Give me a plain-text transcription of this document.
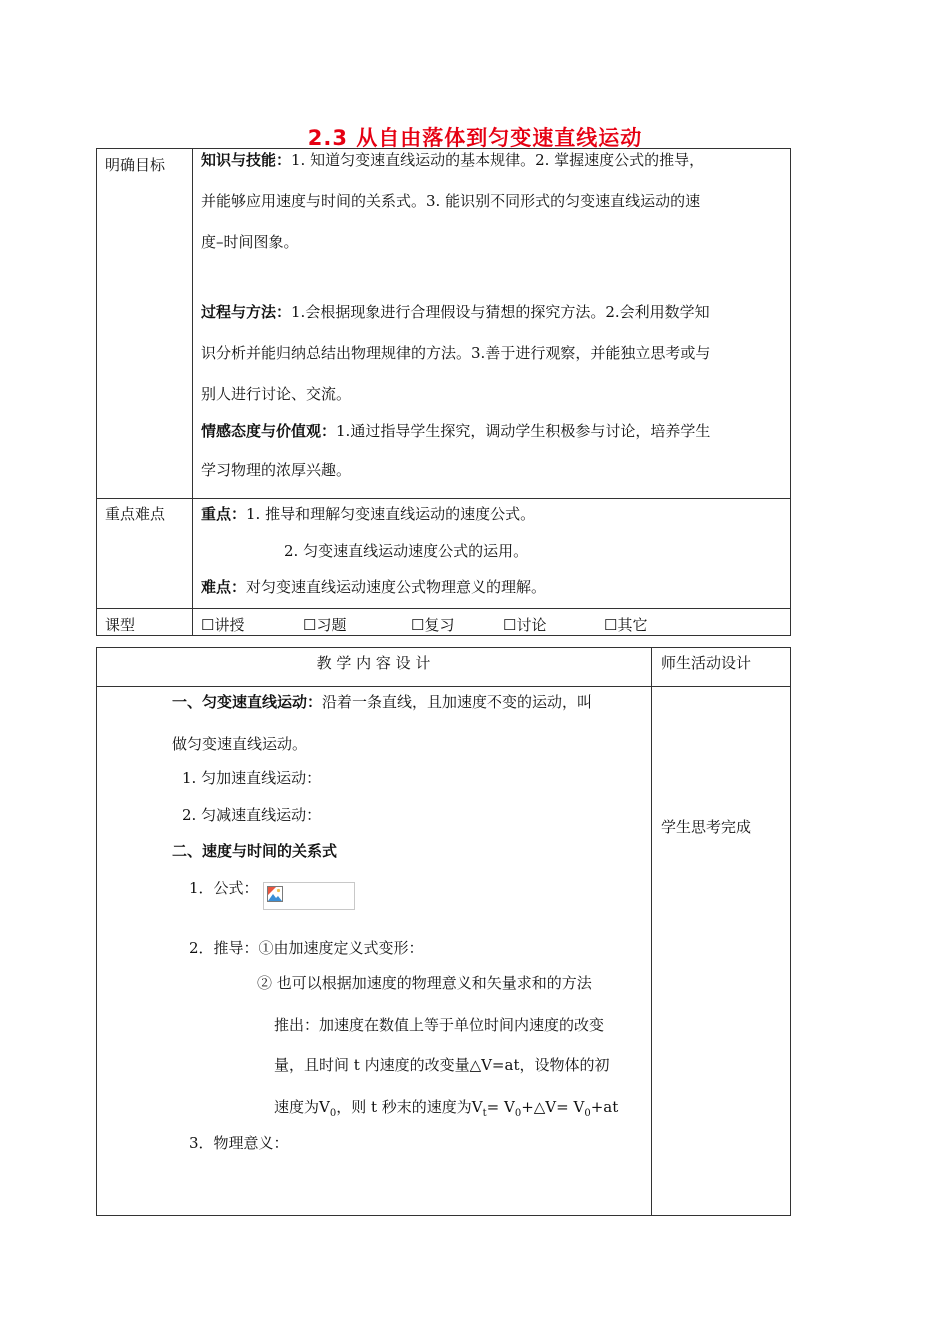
2.3 从自由落体到匀变速直线运动
明确目标 知识与技能：1. 知道匀变速直线运动的基本规律。2. 掌握速度公式的推导，
并能够应用速度与时间的关系式。3. 能识别不同形式的匀变速直线运动的速
度–时间图象。
过程与方法：1.会根据现象进行合理假设与猜想的探究方法。2.会利用数学知
识分析并能归纳总结出物理规律的方法。3.善于进行观察，并能独立思考或与
别人进行讨论、交流。
情感态度与价值观：1.通过指导学生探究，调动学生积极参与讨论，培养学生
学习物理的浓厚兴趣。
重点难点 重点：1. 推导和理解匀变速直线运动的速度公式。
2. 匀变速直线运动速度公式的运用。
难点：对匀变速直线运动速度公式物理意义的理解。
课型	☐讲授	☐习题	☐复习	☐讨论	☐其它
教 学 内 容 设 计	师生活动设计
一、匀变速直线运动：沿着一条直线，且加速度不变的运动，叫
做匀变速直线运动。
1. 匀加速直线运动：
2. 匀减速直线运动：
二、速度与时间的关系式
1．公式：
2．推导：①由加速度定义式变形：
② 也可以根据加速度的物理意义和矢量求和的方法
推出：加速度在数值上等于单位时间内速度的改变
量，且时间 t 内速度的改变量△V=at，设物体的初
速度为$V_0$，则 t 秒末的速度为$V_t=$ $V_0+\triangle V= V_0+at$
3．物理意义：
学生思考完成
